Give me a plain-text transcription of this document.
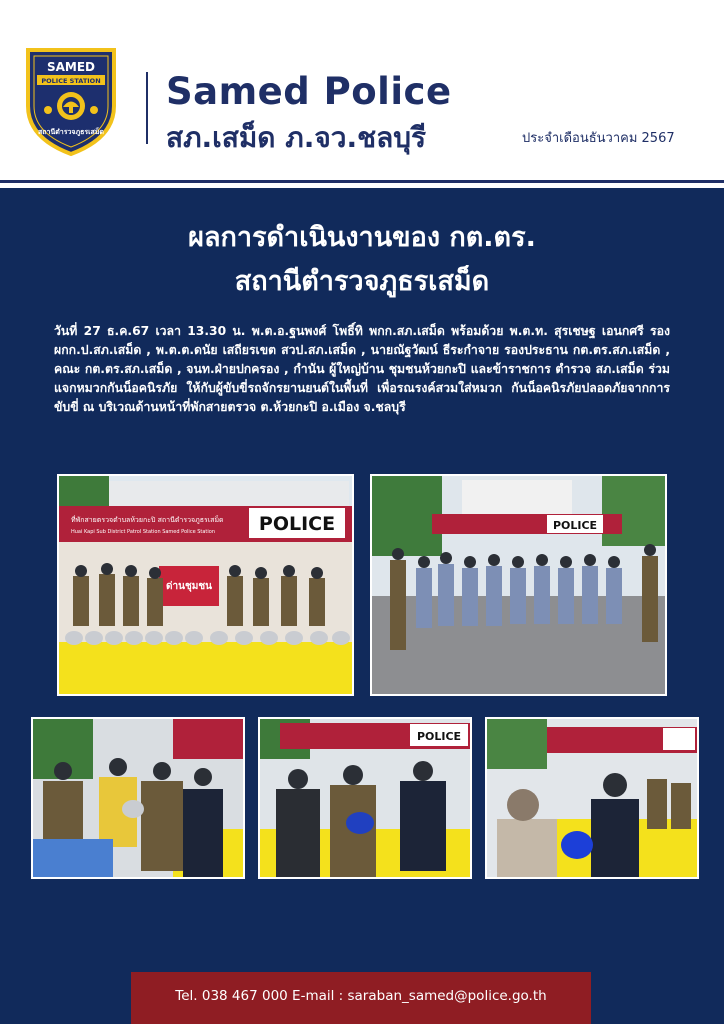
SAMED
POLICE STATION
สถานีตำรวจภูธรเสม็ด
Samed Police
สภ.เสม็ด ภ.จว.ชลบุรี	ประจำเดือนธันวาคม 2567
ผลการดำเนินงานของ กต.ตร.
สถานีตำรวจภูธรเสม็ด
วันที่ 27 ธ.ค.67 เวลา 13.30 น. พ.ต.อ.ฐนพงศ์ โพธิ์ทิ พกก.สภ.เสม็ด พร้อมด้วย พ.ต.ท. สุรเชษฐ เอนกศรี รอง ผกก.ป.สภ.เสม็ด , พ.ต.ต.ดนัย เสถียรเขต สวป.สภ.เสม็ด , นายณัฐวัฒน์ ธีระกำจาย รองประธาน กต.ตร.สภ.เสม็ด , คณะ กต.ตร.สภ.เสม็ด , จนท.ฝ่ายปกครอง , กำนัน ผู้ใหญ่บ้าน ชุมชนห้วยกะปิ และข้าราชการ ตำรวจ สภ.เสม็ด ร่วมแจกหมวกกันน็อคนิรภัย ให้กับผู้ขับขี่รถจักรยานยนต์ในพื้นที่ เพื่อรณรงค์สวมใส่หมวก กันน็อคนิรภัยปลอดภัยจากการขับขี่ ณ บริเวณด้านหน้าที่พักสายตรวจ ต.ห้วยกะปิ อ.เมือง จ.ชลบุรี
ที่พักสายตรวจตำบลห้วยกะปิ สถานีตำรวจภูธรเสม็ด
Huai Kapi Sub District Patrol Station Samed Police Station POLICE
ด่านชุมชน
POLICE
POLICE
Tel. 038 467 000 E-mail : saraban_samed@police.go.th
